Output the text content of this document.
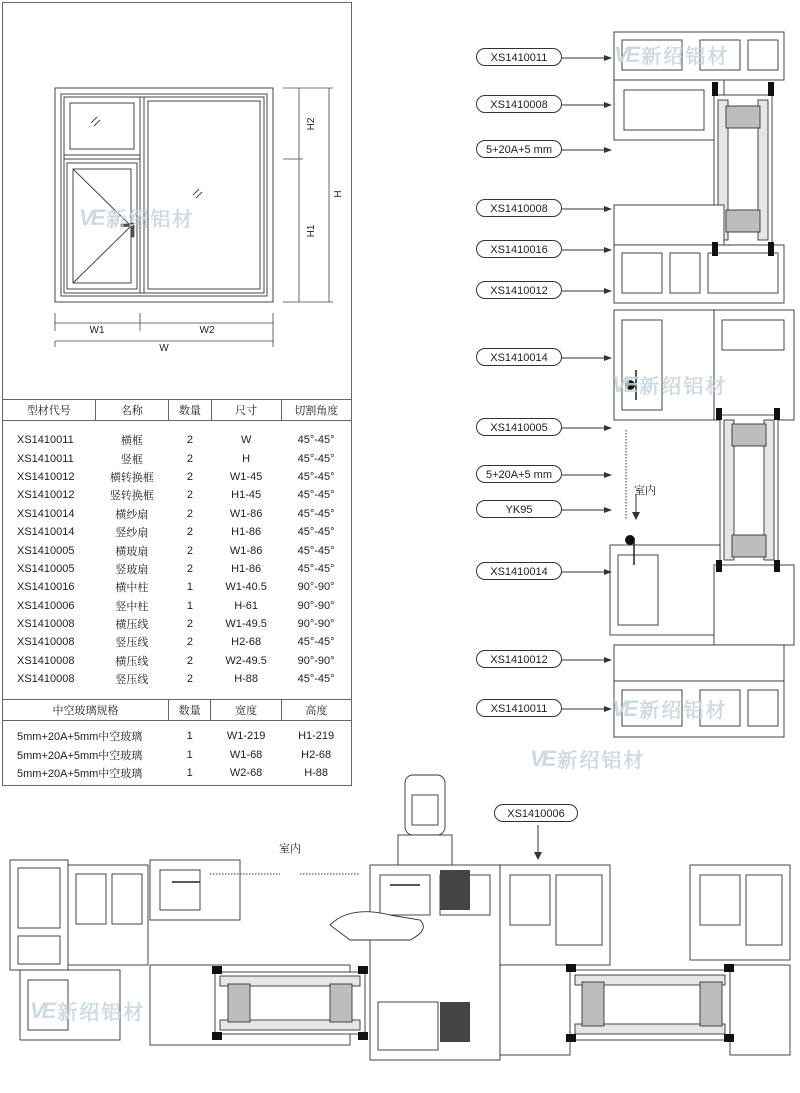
W1	W2
W
H2
H1
H
VE 新绍铝材
型材代号	名称	数量	尺寸	切割角度
XS1410011	横框	2	W	45°-45°
XS1410011	竖框	2	H	45°-45°
XS1410012	横转换框	2	W1-45	45°-45°
XS1410012	竖转换框	2	H1-45	45°-45°
XS1410014	横纱扇	2	W1-86	45°-45°
XS1410014	竖纱扇	2	H1-86	45°-45°
XS1410005	横玻扇	2	W1-86	45°-45°
XS1410005	竖玻扇	2	H1-86	45°-45°
XS1410016	横中柱	1	W1-40.5	90°-90°
XS1410006	竖中柱	1	H-61	90°-90°
XS1410008	横压线	2	W1-49.5	90°-90°
XS1410008	竖压线	2	H2-68	45°-45°
XS1410008	横压线	2	W2-49.5	90°-90°
XS1410008	竖压线	2	H-88	45°-45°
中空玻璃规格	数量	宽度	高度
5mm+20A+5mm中空玻璃	1	W1-219	H1-219
5mm+20A+5mm中空玻璃	1	W1-68	H2-68
5mm+20A+5mm中空玻璃	1	W2-68	H-88
XS1410011
XS1410008
5+20A+5 mm
XS1410008
XS1410016
XS1410012
XS1410014
XS1410005
5+20A+5 mm
YK95
XS1410014
XS1410012
XS1410011
室内
VE 新绍铝材
VE 新绍铝材
VE 新绍铝材
VE 新绍铝材
室内
XS1410006
VE 新绍铝材
